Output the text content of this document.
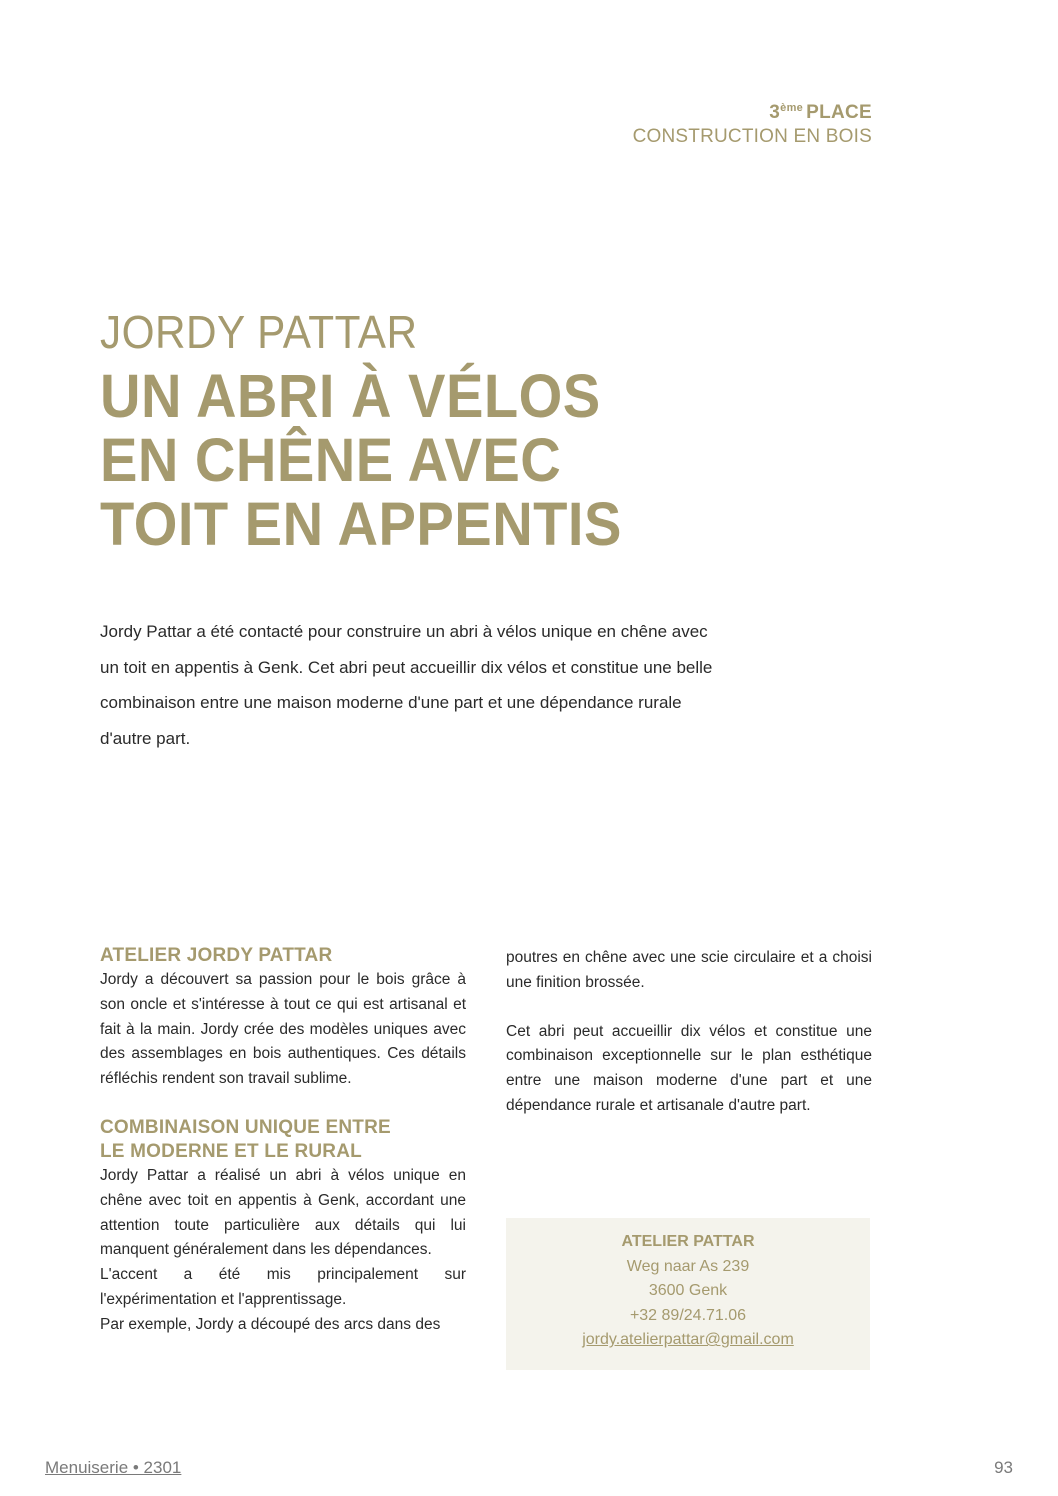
3ème PLACE
CONSTRUCTION EN BOIS
JORDY PATTAR
UN ABRI À VÉLOS
EN CHÊNE AVEC
TOIT EN APPENTIS
Jordy Pattar a été contacté pour construire un abri à vélos unique en chêne avec un toit en appentis à Genk. Cet abri peut accueillir dix vélos et constitue une belle combinaison entre une maison moderne d'une part et une dépendance rurale d'autre part.
ATELIER JORDY PATTAR

Jordy a découvert sa passion pour le bois grâce à son oncle et s'intéresse à tout ce qui est artisanal et fait à la main. Jordy crée des modèles uniques avec des assemblages en bois authentiques. Ces détails réfléchis rendent son travail sublime.

COMBINAISON UNIQUE ENTRE
LE MODERNE ET LE RURAL

Jordy Pattar a réalisé un abri à vélos unique en chêne avec toit en appentis à Genk, accordant une attention toute particulière aux détails qui lui manquent généralement dans les dépendances.

L'accent a été mis principalement sur l'expérimentation et l'apprentissage.

Par exemple, Jordy a découpé des arcs dans des

poutres en chêne avec une scie circulaire et a choisi une finition brossée.

Cet abri peut accueillir dix vélos et constitue une combinaison exceptionnelle sur le plan esthétique entre une maison moderne d'une part et une dépendance rurale et artisanale d'autre part.

ATELIER PATTAR
Weg naar As 239
3600 Genk
+32 89/24.71.06
jordy.atelierpattar@gmail.com
Menuiserie • 2301	93
